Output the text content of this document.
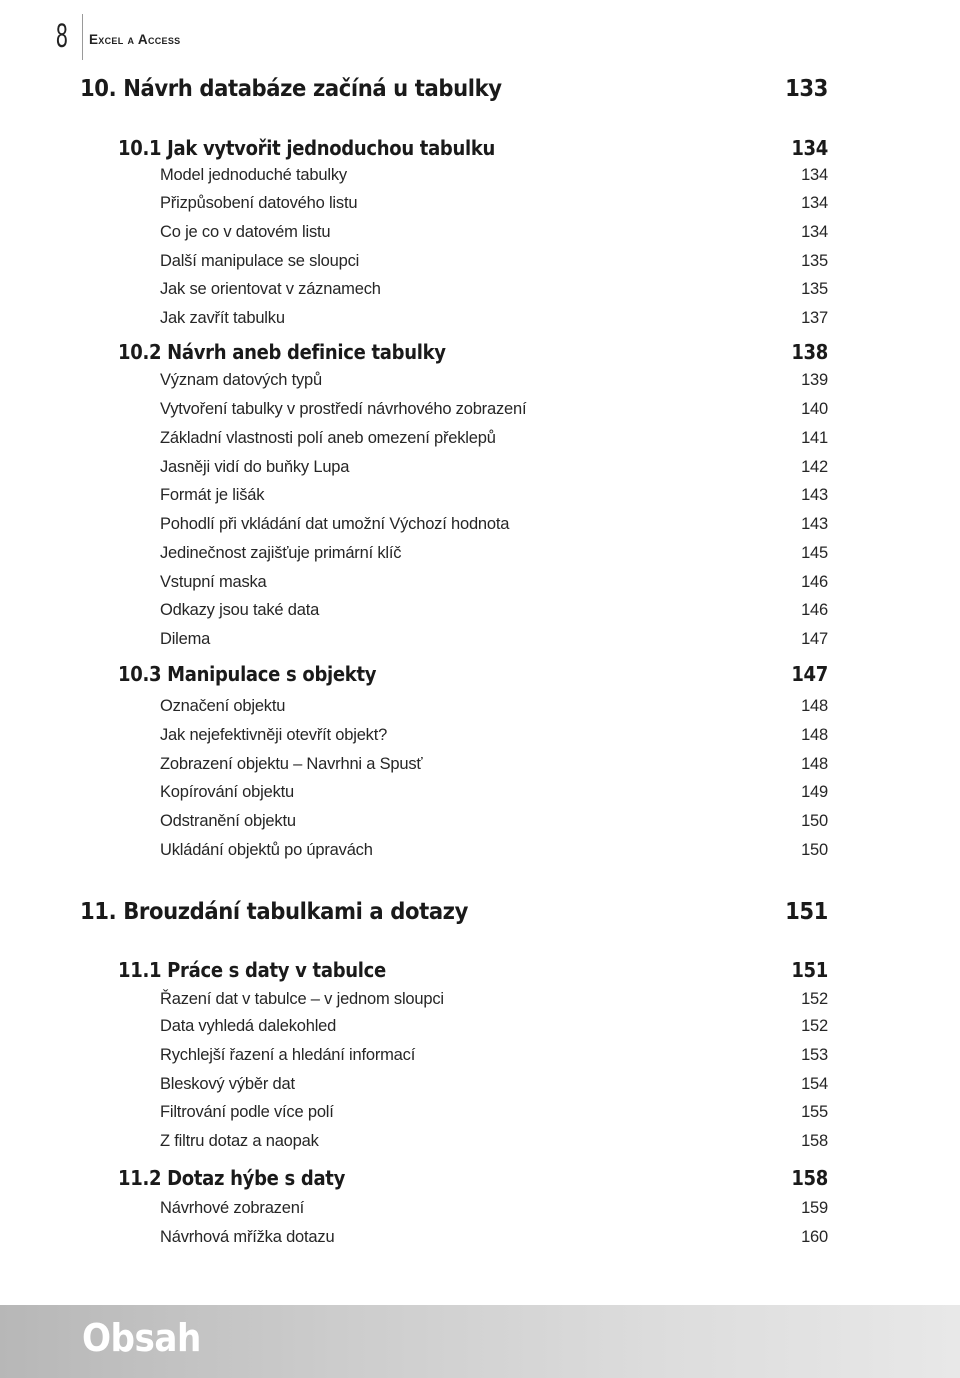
8 Excel a Access
10. Návrh databáze začíná u tabulky	133
10.1 Jak vytvořit jednoduchou tabulku	134
Model jednoduché tabulky	134
Přizpůsobení datového listu	134
Co je co v datovém listu	134
Další manipulace se sloupci	135
Jak se orientovat v záznamech	135
Jak zavřít tabulku	137
10.2 Návrh aneb definice tabulky	138
Význam datových typů	139
Vytvoření tabulky v prostředí návrhového zobrazení	140
Základní vlastnosti polí aneb omezení překlepů	141
Jasněji vidí do buňky Lupa	142
Formát je lišák	143
Pohodlí při vkládání dat umožní Výchozí hodnota	143
Jedinečnost zajišťuje primární klíč	145
Vstupní maska	146
Odkazy jsou také data	146
Dilema	147
10.3 Manipulace s objekty	147
Označení objektu	148
Jak nejefektivněji otevřít objekt?	148
Zobrazení objektu – Navrhni a Spusť	148
Kopírování objektu	149
Odstranění objektu	150
Ukládání objektů po úpravách	150
11. Brouzdání tabulkami a dotazy	151
11.1 Práce s daty v tabulce	151
Řazení dat v tabulce – v jednom sloupci	152
Data vyhledá dalekohled	152
Rychlejší řazení a hledání informací	153
Bleskový výběr dat	154
Filtrování podle více polí	155
Z filtru dotaz a naopak	158
11.2 Dotaz hýbe s daty	158
Návrhové zobrazení	159
Návrhová mřížka dotazu	160
Obsah
